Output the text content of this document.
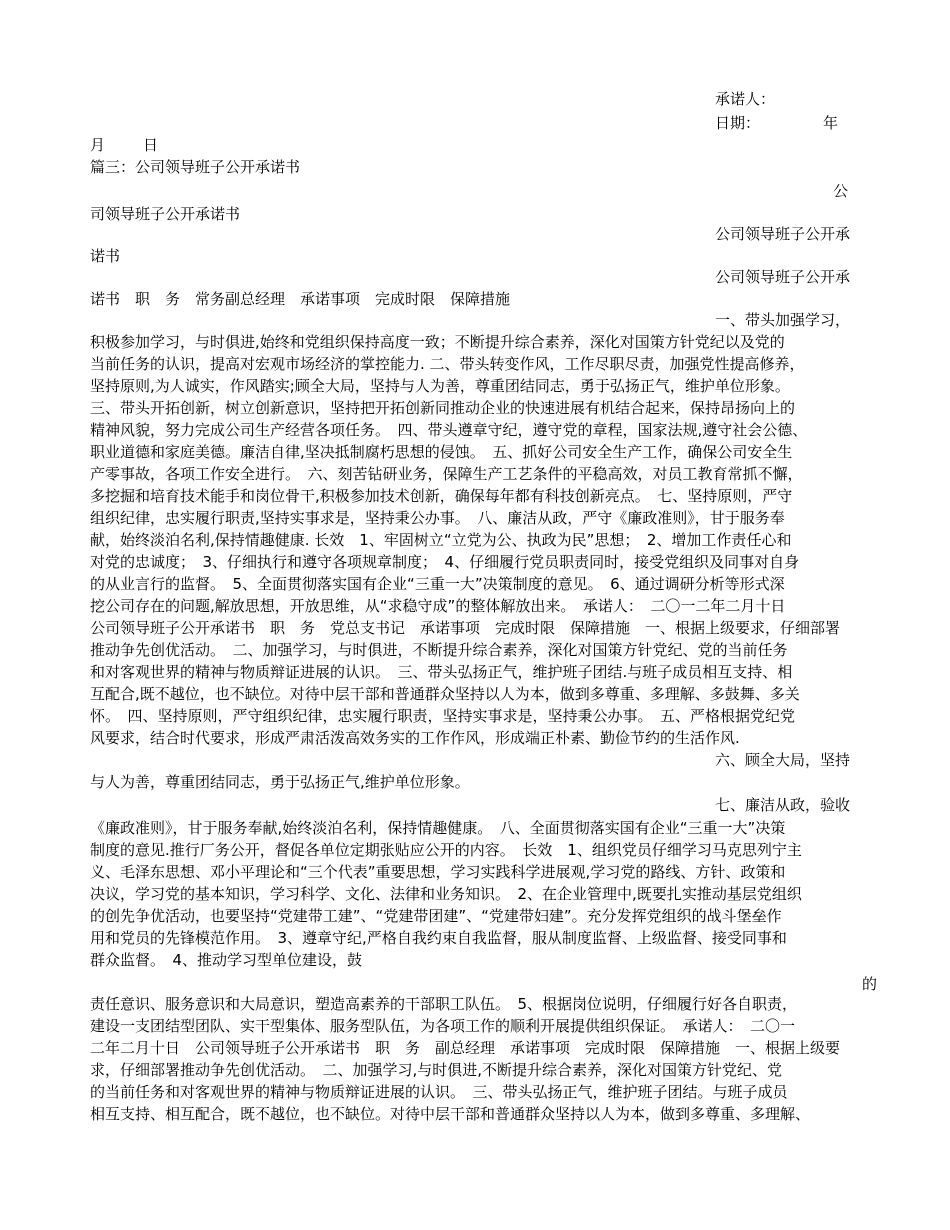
承诺人：
日期：	年
月	日
篇三：公司领导班子公开承诺书
公
司领导班子公开承诺书
公司领导班子公开承
诺书
公司领导班子公开承
诺书　职　务　常务副总经理　承诺事项　完成时限　保障措施
一、带头加强学习，
积极参加学习，与时俱进,始终和党组织保持高度一致；不断提升综合素养，深化对国策方针党纪以及党的
当前任务的认识，提高对宏观市场经济的掌控能力. 二、带头转变作风，工作尽职尽责，加强党性提高修养，
坚持原则,为人诚实，作风踏实;顾全大局，坚持与人为善，尊重团结同志，勇于弘扬正气，维护单位形象。
三、带头开拓创新，树立创新意识，坚持把开拓创新同推动企业的快速进展有机结合起来，保持昂扬向上的
精神风貌，努力完成公司生产经营各项任务。　四、带头遵章守纪，遵守党的章程，国家法规,遵守社会公德、
职业道德和家庭美德。廉洁自律,坚决抵制腐朽思想的侵蚀。　五、抓好公司安全生产工作，确保公司安全生
产零事故，各项工作安全进行。　六、刻苦钻研业务，保障生产工艺条件的平稳高效，对员工教育常抓不懈，
多挖掘和培育技术能手和岗位骨干,积极参加技术创新，确保每年都有科技创新亮点。　七、坚持原则，严守
组织纪律，忠实履行职责,坚持实事求是，坚持秉公办事。　八、廉洁从政，严守《廉政准则》，甘于服务奉
献，始终淡泊名利,保持情趣健康. 长效　1、牢固树立“立党为公、执政为民”思想；　2、增加工作责任心和
对党的忠诚度；　3、仔细执行和遵守各项规章制度；　4、仔细履行党员职责同时，接受党组织及同事对自身
的从业言行的监督。　5、全面贯彻落实国有企业“三重一大”决策制度的意见。　6、通过调研分析等形式深
挖公司存在的问题,解放思想，开放思维，从“求稳守成”的整体解放出来。　承诺人：　二〇一二年二月十日
公司领导班子公开承诺书　职　务　党总支书记　承诺事项　完成时限　保障措施　一、根据上级要求，仔细部署
推动争先创优活动。　二、加强学习，与时俱进，不断提升综合素养，深化对国策方针党纪、党的当前任务
和对客观世界的精神与物质辩证进展的认识。　三、带头弘扬正气，维护班子团结.与班子成员相互支持、相
互配合,既不越位，也不缺位。对待中层干部和普通群众坚持以人为本，做到多尊重、多理解、多鼓舞、多关
怀。　四、坚持原则，严守组织纪律，忠实履行职责，坚持实事求是，坚持秉公办事。　五、严格根据党纪党
风要求，结合时代要求，形成严肃活泼高效务实的工作作风，形成端正朴素、勤俭节约的生活作风.
六、顾全大局，坚持
与人为善，尊重团结同志，勇于弘扬正气,维护单位形象。
七、廉洁从政，验收
《廉政准则》，甘于服务奉献,始终淡泊名利，保持情趣健康。　八、全面贯彻落实国有企业“三重一大”决策
制度的意见.推行厂务公开，督促各单位定期张贴应公开的内容。　长效　1、组织党员仔细学习马克思列宁主
义、毛泽东思想、邓小平理论和“三个代表”重要思想，学习实践科学进展观,学习党的路线、方针、政策和
决议，学习党的基本知识，学习科学、文化、法律和业务知识。　2、在企业管理中,既要扎实推动基层党组织
的创先争优活动，也要坚持“党建带工建”、“党建带团建”、“党建带妇建”。充分发挥党组织的战斗堡垒作
用和党员的先锋模范作用。　3、遵章守纪,严格自我约束自我监督，服从制度监督、上级监督、接受同事和
群众监督。　4、推动学习型单位建设，鼓
的
责任意识、服务意识和大局意识，塑造高素养的干部职工队伍。　5、根据岗位说明，仔细履行好各自职责，
建设一支团结型团队、实干型集体、服务型队伍，为各项工作的顺利开展提供组织保证。　承诺人：　二〇一
二年二月十日　公司领导班子公开承诺书　职　务　副总经理　承诺事项　完成时限　保障措施　一、根据上级要
求，仔细部署推动争先创优活动。　二、加强学习,与时俱进,不断提升综合素养，深化对国策方针党纪、党
的当前任务和对客观世界的精神与物质辩证进展的认识。　三、带头弘扬正气，维护班子团结。与班子成员
相互支持、相互配合，既不越位，也不缺位。对待中层干部和普通群众坚持以人为本，做到多尊重、多理解、
